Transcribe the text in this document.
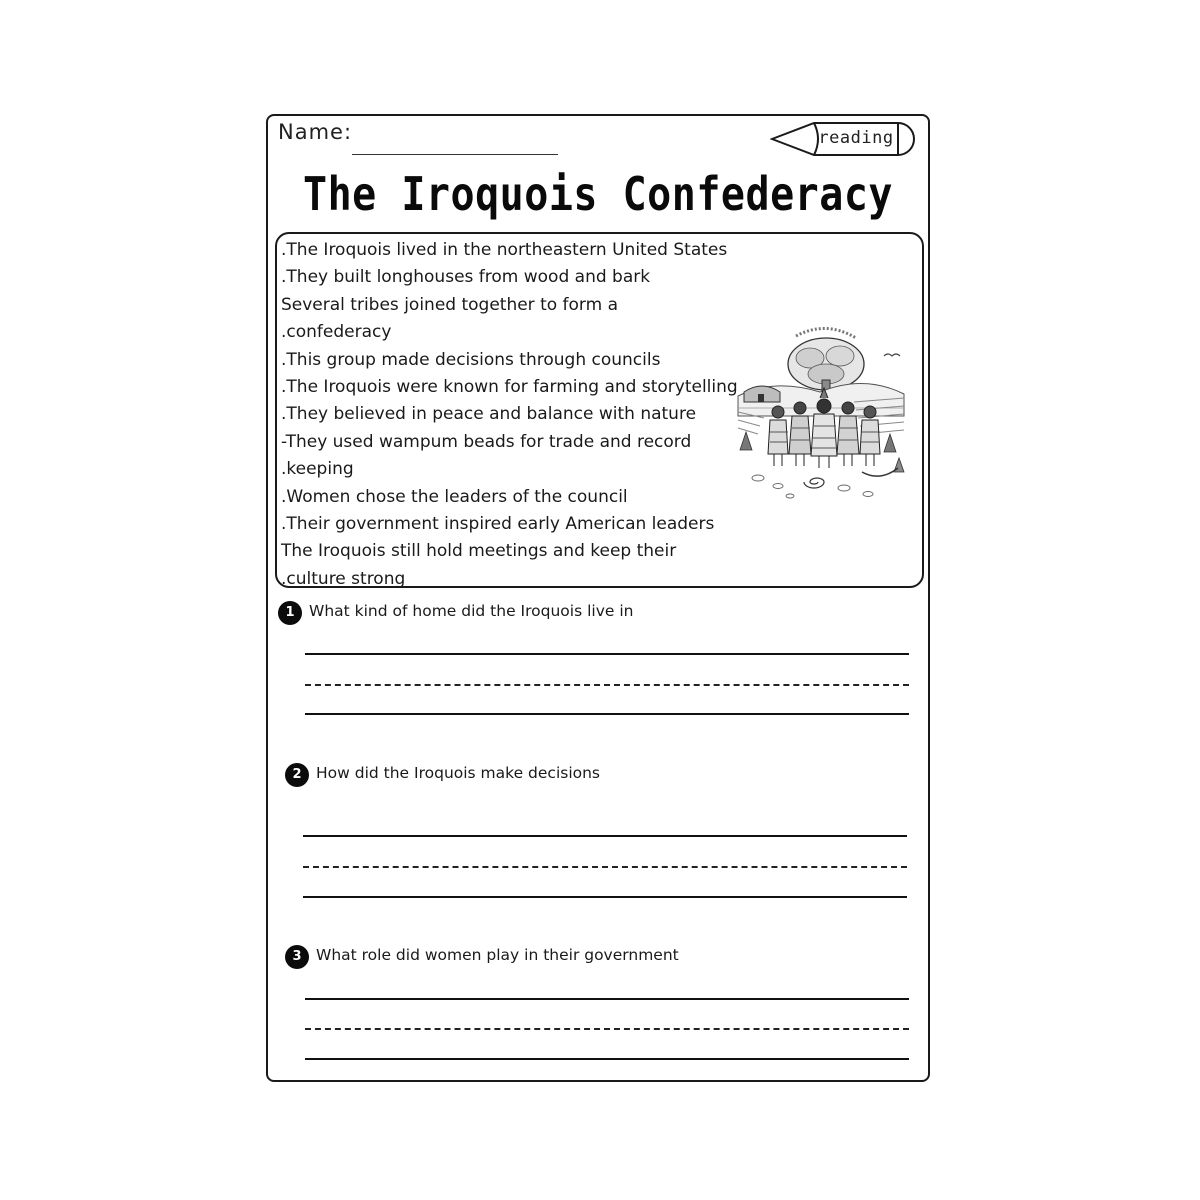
Name:	reading
The Iroquois Confederacy
.The Iroquois lived in the northeastern United States
.They built longhouses from wood and bark
Several tribes joined together to form a
.confederacy
.This group made decisions through councils
.The Iroquois were known for farming and storytelling
.They believed in peace and balance with nature
-They used wampum beads for trade and record
.keeping
.Women chose the leaders of the council
.Their government inspired early American leaders
The Iroquois still hold meetings and keep their
.culture strong
1 What kind of home did the Iroquois live in
2 How did the Iroquois make decisions
3 What role did women play in their government
